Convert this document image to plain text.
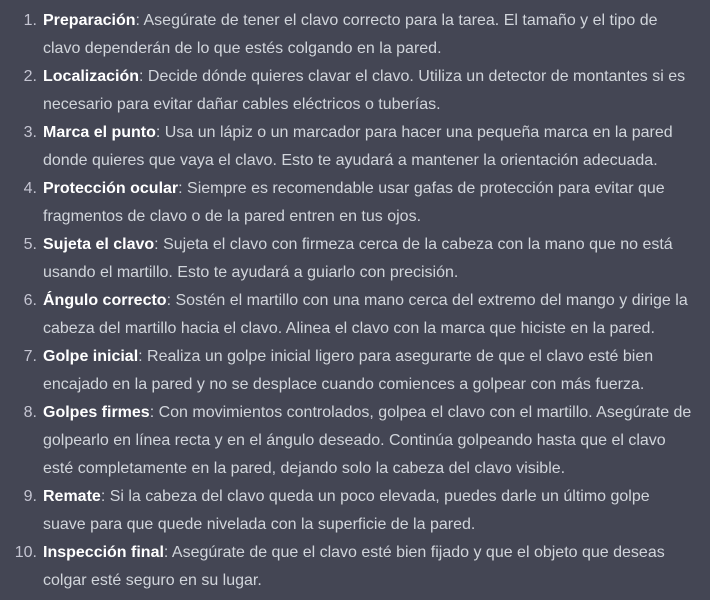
1. Preparación: Asegúrate de tener el clavo correcto para la tarea. El tamaño y el tipo de clavo dependerán de lo que estés colgando en la pared.
2. Localización: Decide dónde quieres clavar el clavo. Utiliza un detector de montantes si es necesario para evitar dañar cables eléctricos o tuberías.
3. Marca el punto: Usa un lápiz o un marcador para hacer una pequeña marca en la pared donde quieres que vaya el clavo. Esto te ayudará a mantener la orientación adecuada.
4. Protección ocular: Siempre es recomendable usar gafas de protección para evitar que fragmentos de clavo o de la pared entren en tus ojos.
5. Sujeta el clavo: Sujeta el clavo con firmeza cerca de la cabeza con la mano que no está usando el martillo. Esto te ayudará a guiarlo con precisión.
6. Ángulo correcto: Sostén el martillo con una mano cerca del extremo del mango y dirige la cabeza del martillo hacia el clavo. Alinea el clavo con la marca que hiciste en la pared.
7. Golpe inicial: Realiza un golpe inicial ligero para asegurarte de que el clavo esté bien encajado en la pared y no se desplace cuando comiences a golpear con más fuerza.
8. Golpes firmes: Con movimientos controlados, golpea el clavo con el martillo. Asegúrate de golpearlo en línea recta y en el ángulo deseado. Continúa golpeando hasta que el clavo esté completamente en la pared, dejando solo la cabeza del clavo visible.
9. Remate: Si la cabeza del clavo queda un poco elevada, puedes darle un último golpe suave para que quede nivelada con la superficie de la pared.
10. Inspección final: Asegúrate de que el clavo esté bien fijado y que el objeto que deseas colgar esté seguro en su lugar.
